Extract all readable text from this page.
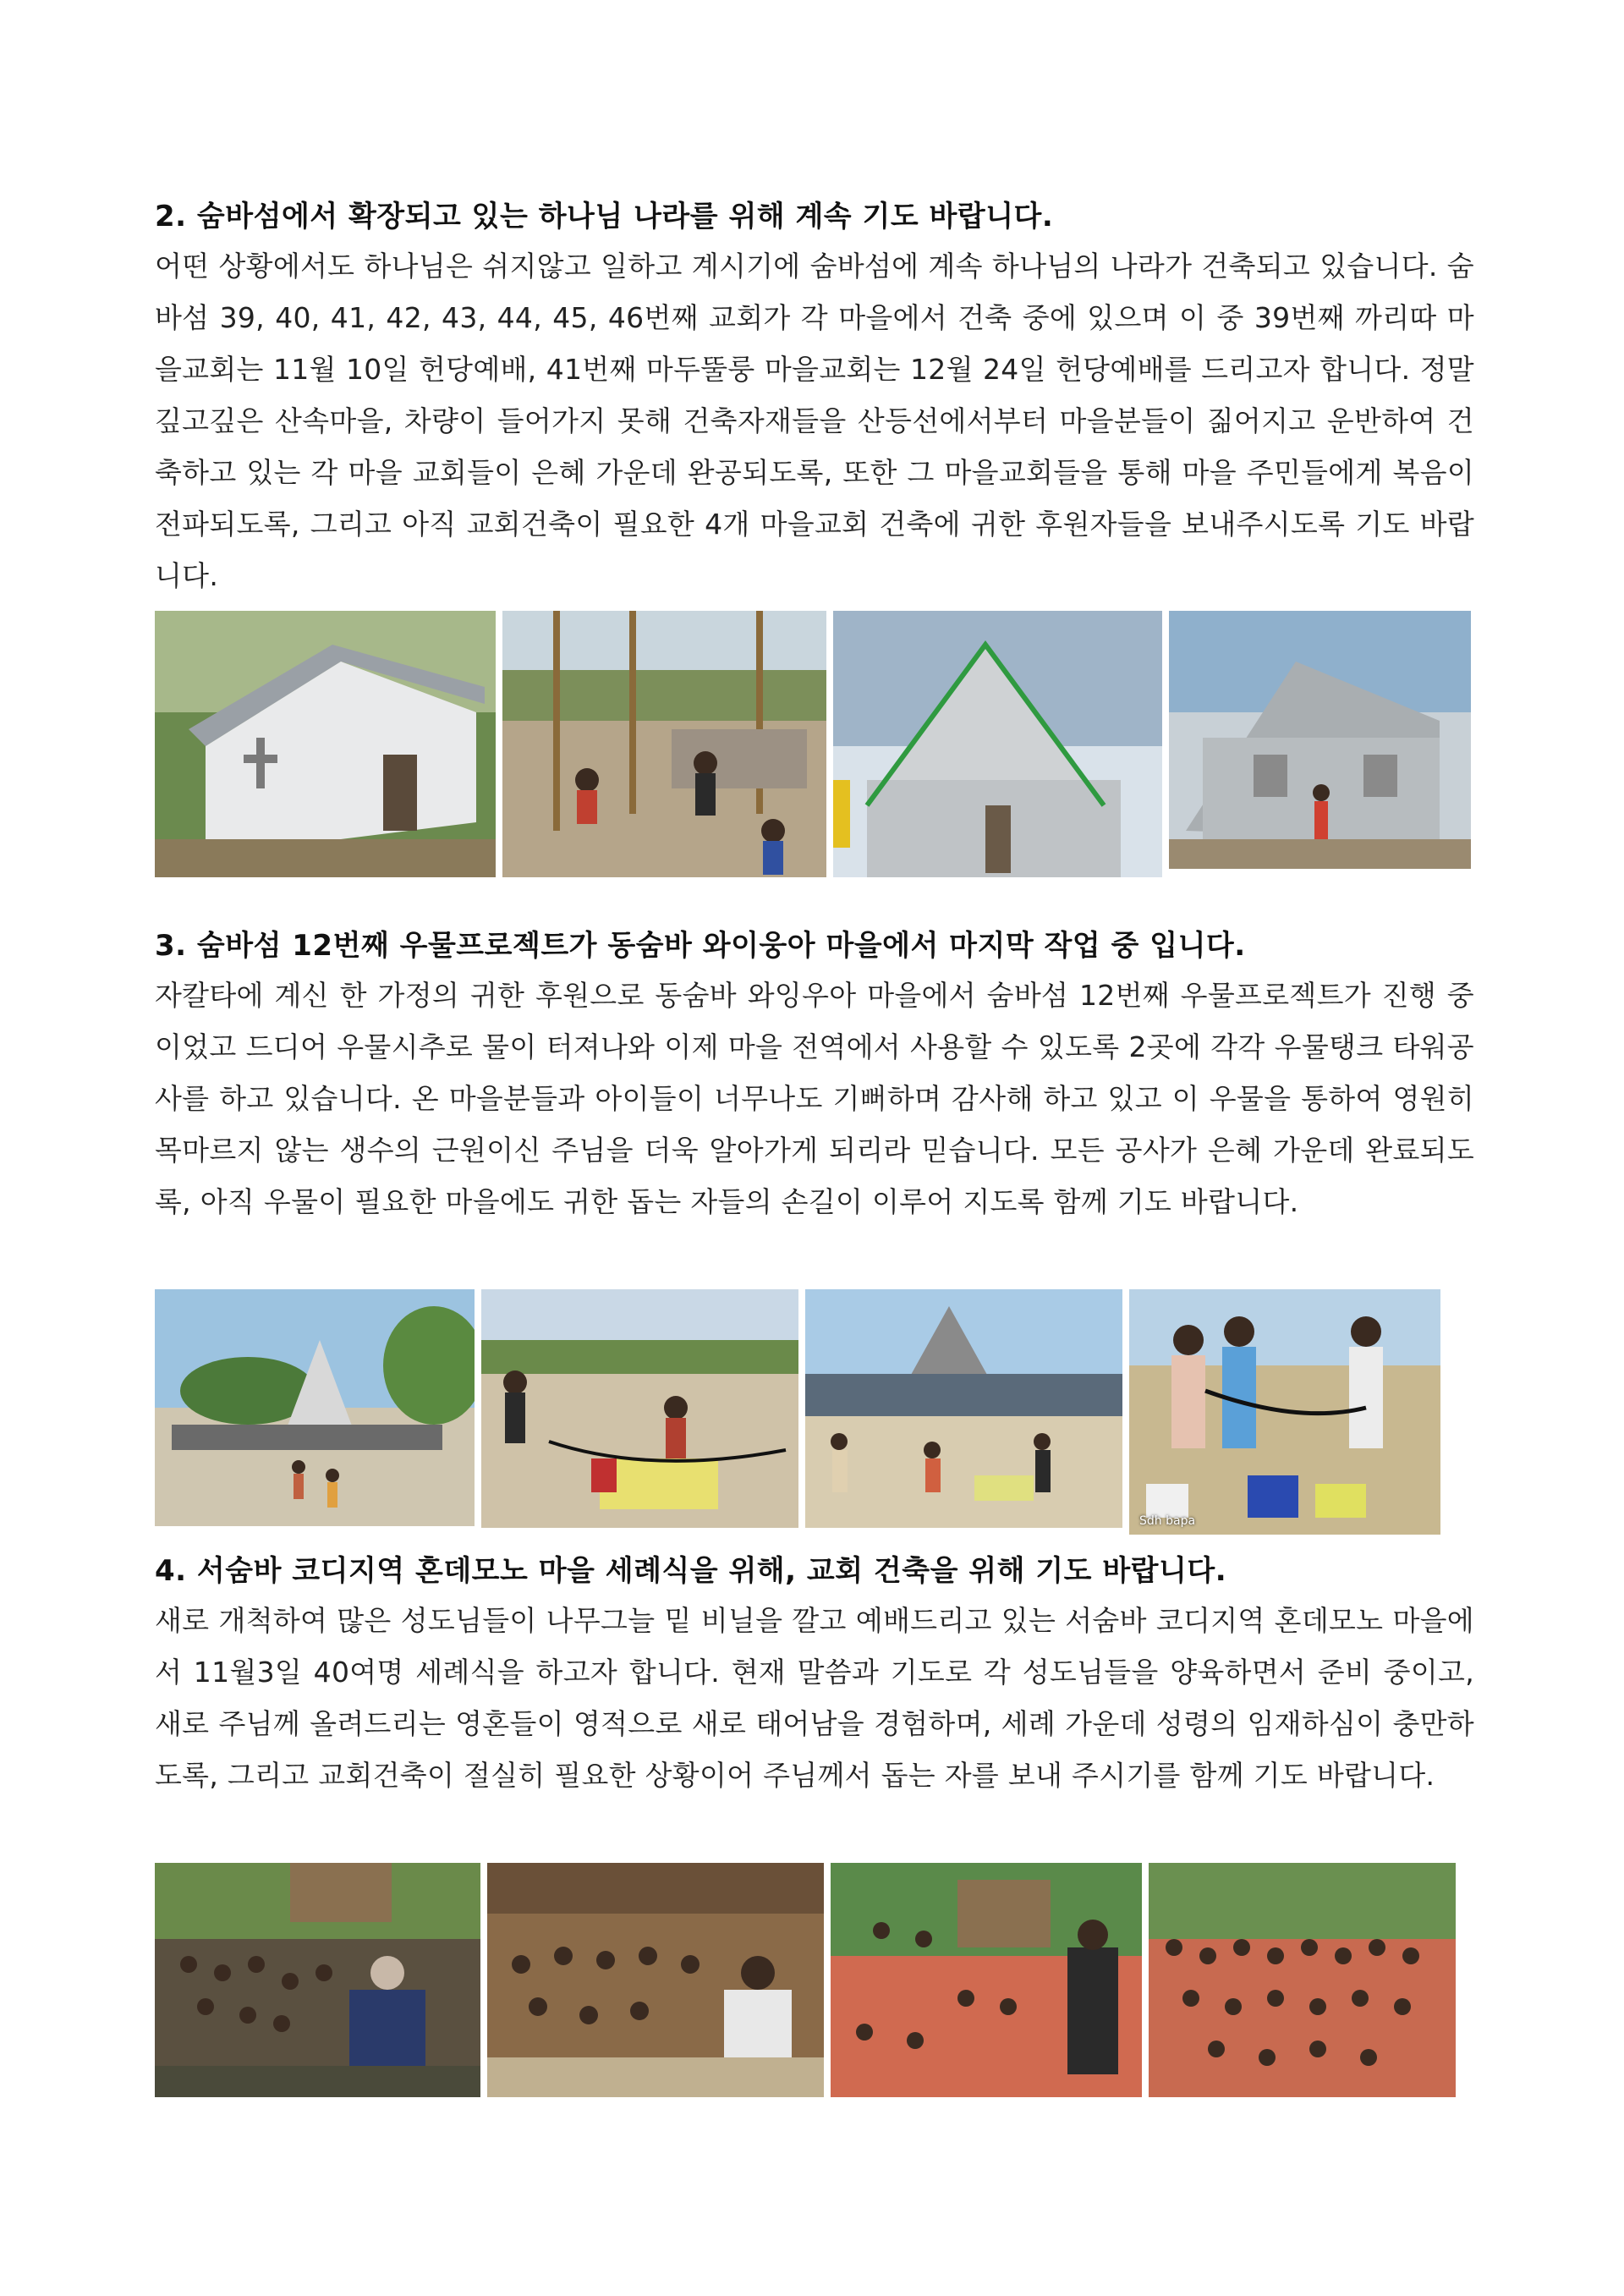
2. 숨바섬에서 확장되고 있는 하나님 나라를 위해 계속 기도 바랍니다.

어떤 상황에서도 하나님은 쉬지않고 일하고 계시기에 숨바섬에 계속 하나님의 나라가 건축되고 있습니다. 숨바섬 39, 40, 41, 42, 43, 44, 45, 46번째 교회가 각 마을에서 건축 중에 있으며 이 중 39번째 까리따 마을교회는 11월 10일 헌당예배, 41번째 마두뚤룽 마을교회는 12월 24일 헌당예배를 드리고자 합니다. 정말 깊고깊은 산속마을, 차량이 들어가지 못해 건축자재들을 산등선에서부터 마을분들이 짊어지고 운반하여 건축하고 있는 각 마을 교회들이 은혜 가운데 완공되도록, 또한 그 마을교회들을 통해 마을 주민들에게 복음이 전파되도록, 그리고 아직 교회건축이 필요한 4개 마을교회 건축에 귀한 후원자들을 보내주시도록 기도 바랍니다.

3. 숨바섬 12번째 우물프로젝트가 동숨바 와이웅아 마을에서 마지막 작업 중 입니다.

자칼타에 계신 한 가정의 귀한 후원으로 동숨바 와잉우아 마을에서 숨바섬 12번째 우물프로젝트가 진행 중 이었고 드디어 우물시추로 물이 터져나와 이제 마을 전역에서 사용할 수 있도록 2곳에 각각 우물탱크 타워공사를 하고 있습니다. 온 마을분들과 아이들이 너무나도 기뻐하며 감사해 하고 있고 이 우물을 통하여 영원히 목마르지 않는 생수의 근원이신 주님을 더욱 알아가게 되리라 믿습니다. 모든 공사가 은혜 가운데 완료되도록, 아직 우물이 필요한 마을에도 귀한 돕는 자들의 손길이 이루어 지도록 함께 기도 바랍니다.

Sdh bapa

4. 서숨바 코디지역 혼데모노 마을 세례식을 위해, 교회 건축을 위해 기도 바랍니다.

새로 개척하여 많은 성도님들이 나무그늘 밑 비닐을 깔고 예배드리고 있는 서숨바 코디지역 혼데모노 마을에서 11월3일 40여명 세례식을 하고자 합니다. 현재 말씀과 기도로 각 성도님들을 양육하면서 준비 중이고, 새로 주님께 올려드리는 영혼들이 영적으로 새로 태어남을 경험하며, 세례 가운데 성령의 임재하심이 충만하도록, 그리고 교회건축이 절실히 필요한 상황이어 주님께서 돕는 자를 보내 주시기를 함께 기도 바랍니다.
